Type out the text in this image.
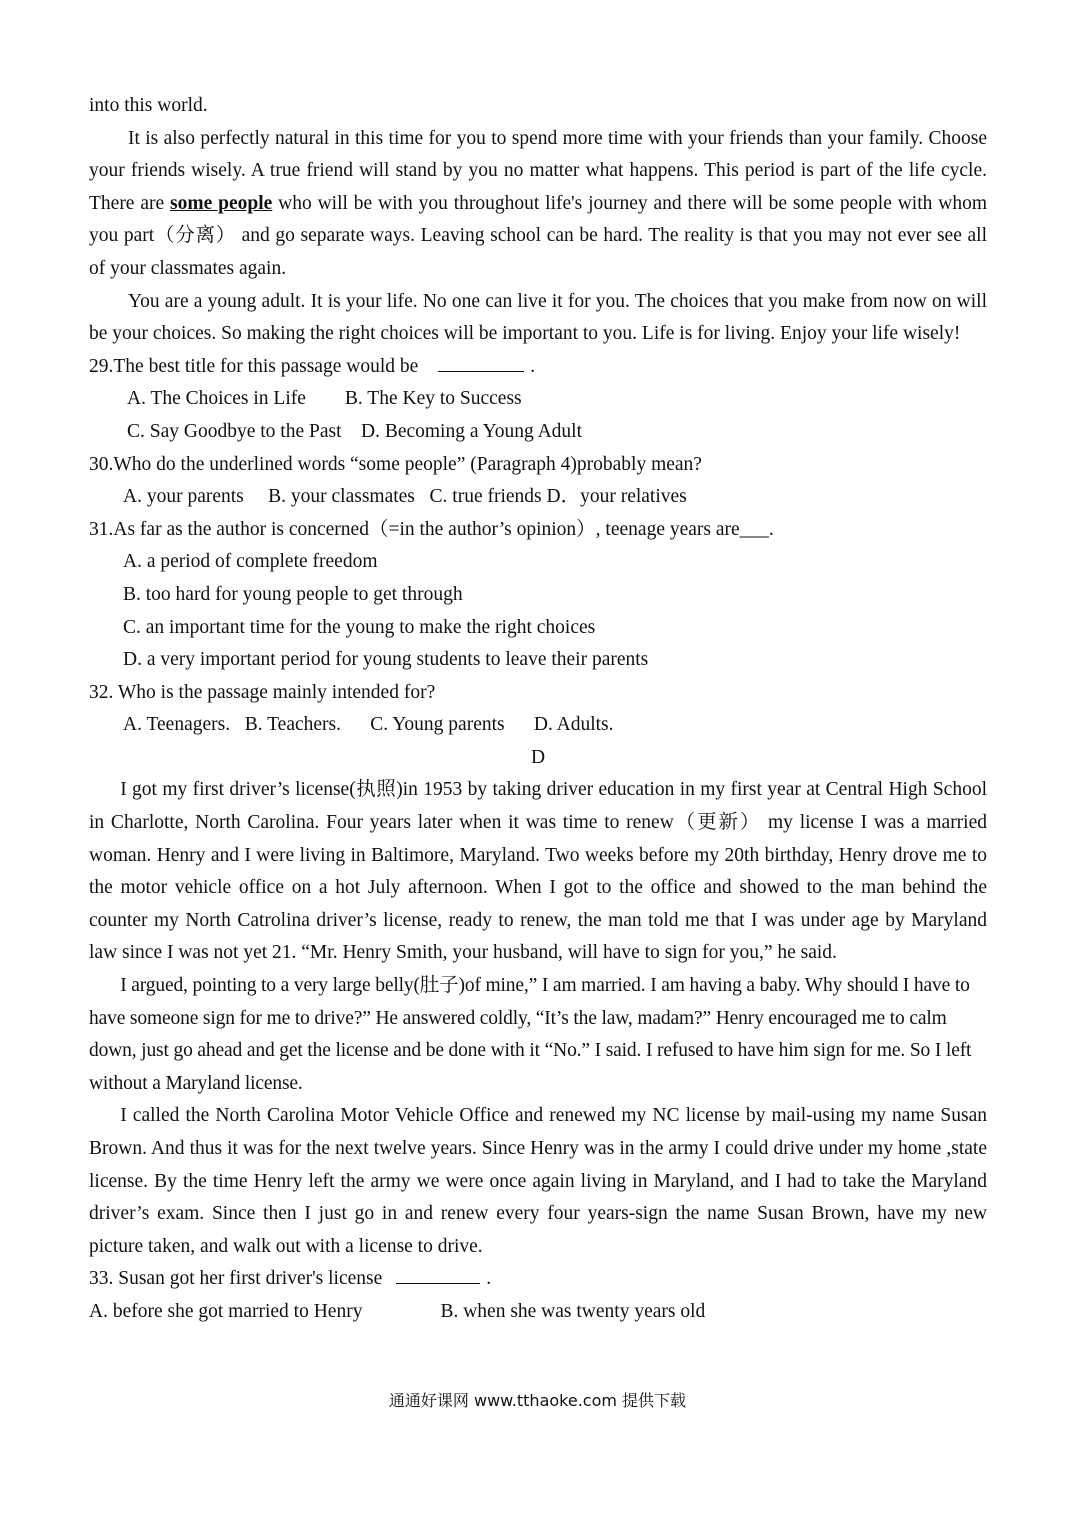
into this world.

It is also perfectly natural in this time for you to spend more time with your friends than your family. Choose your friends wisely. A true friend will stand by you no matter what happens. This period is part of the life cycle. There are some people who will be with you throughout life's journey and there will be some people with whom you part（分离） and go separate ways. Leaving school can be hard. The reality is that you may not ever see all of your classmates again.

You are a young adult. It is your life. No one can live it for you. The choices that you make from now on will be your choices. So making the right choices will be important to you. Life is for living. Enjoy your life wisely!

29.The best title for this passage would be	.

A. The Choices in Life        B. The Key to Success

C. Say Goodbye to the Past    D. Becoming a Young Adult

30.Who do the underlined words “some people” (Paragraph 4)probably mean?

A. your parents     B. your classmates   C. true friends D．your relatives

31.As far as the author is concerned（=in the author’s opinion）, teenage years are___.

A. a period of complete freedom

B. too hard for young people to get through

C. an important time for the young to make the right choices

D. a very important period for young students to leave their parents

32. Who is the passage mainly intended for?

A. Teenagers.   B. Teachers.      C. Young parents      D. Adults.

D

I got my first driver’s license(执照)in 1953 by taking driver education in my first year at Central High School in Charlotte, North Carolina. Four years later when it was time to renew（更新） my license I was a married woman. Henry and I were living in Baltimore, Maryland. Two weeks before my 20th birthday, Henry drove me to the motor vehicle office on a hot July afternoon. When I got to the office and showed to the man behind the counter my North Catrolina driver’s license, ready to renew, the man told me that I was under age by Maryland law since I was not yet 21. “Mr. Henry Smith, your husband, will have to sign for you,” he said.

I argued, pointing to a very large belly(肚子)of mine,” I am married. I am having a baby. Why should I have to have someone sign for me to drive?” He answered coldly, “It’s the law, madam?” Henry encouraged me to calm down, just go ahead and get the license and be done with it “No.” I said. I refused to have him sign for me. So I left without a Maryland license.

I called the North Carolina Motor Vehicle Office and renewed my NC license by mail-using my name Susan Brown. And thus it was for the next twelve years. Since Henry was in the army I could drive under my home ,state license. By the time Henry left the army we were once again living in Maryland, and I had to take the Maryland driver’s exam. Since then I just go in and renew every four years-sign the name Susan Brown, have my new picture taken, and walk out with a license to drive.

33. Susan got her first driver's license	.

A. before she got married to Henry                B. when she was twenty years old

通通好课网 www.tthaoke.com 提供下载
